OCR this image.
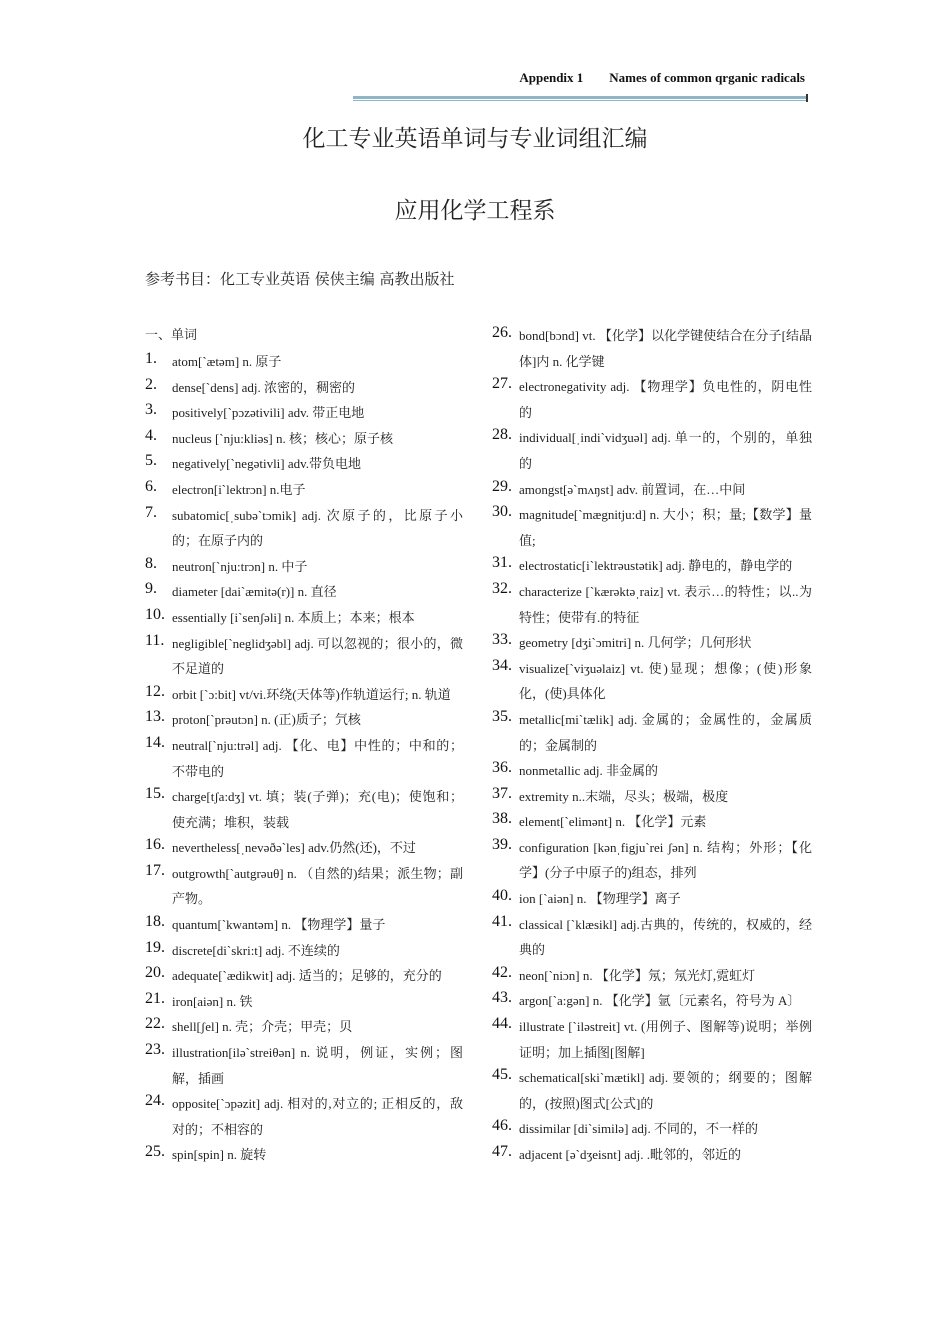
Appendix 1 Names of common qrganic radicals
化工专业英语单词与专业词组汇编
应用化学工程系
参考书目：化工专业英语 侯侠主编 高教出版社
一、单词
1. atom[`ætəm] n. 原子
2. dense[`dens] adj. 浓密的，稠密的
3. positively[`pɔzətivili] adv. 带正电地
4. nucleus [`nju:kliəs] n. 核；核心；原子核
5. negatively[`negətivli] adv.带负电地
6. electron[i`lektrɔn] n.电子
7. subatomic[ˌsubə`tɔmik] adj. 次原子的，比原子小的；在原子内的
8. neutron[`nju:trɔn] n. 中子
9. diameter [dai`æmitə(r)] n. 直径
10. essentially [i`senʃəli] n. 本质上；本来；根本
11. negligible[`neglidʒəbl] adj. 可以忽视的；很小的，微不足道的
12. orbit [`ɔ:bit] vt/vi.环绕(天体等)作轨道运行; n. 轨道
13. proton[`prəutɔn] n. (正)质子；氕核
14. neutral[`nju:trəl] adj. 【化、电】中性的；中和的；不带电的
15. charge[tʃa:dʒ] vt. 填；装(子弹)；充(电)；使饱和；使充满；堆积，装载
16. nevertheless[ˌnevəðə`les] adv.仍然(还)，不过
17. outgrowth[`autgrəuθ] n. （自然的)结果；派生物；副产物。
18. quantum[`kwantəm] n. 【物理学】量子
19. discrete[di`skri:t] adj. 不连续的
20. adequate[`ædikwit] adj. 适当的；足够的，充分的
21. iron[aiən] n. 铁
22. shell[ʃel] n. 壳；介壳；甲壳；贝
23. illustration[ilə`streiθən] n. 说明，例证，实例；图解，插画
24. opposite[`ɔpəzit] adj. 相对的,对立的; 正相反的，敌对的；不相容的
25. spin[spin] n. 旋转
26. bond[bɔnd] vt. 【化学】以化学键使结合在分子[结晶体]内 n. 化学键
27. electronegativity adj. 【物理学】负电性的，阴电性的
28. individual[ˌindi`vidʒuəl] adj. 单一的，个别的，单独的
29. amongst[ə`mʌŋst] adv. 前置词，在…中间
30. magnitude[`mægnitju:d] n. 大小；积；量;【数学】量值;
31. electrostatic[i`lektrəustətik] adj. 静电的，静电学的
32. characterize [`kærəktəˌraiz] vt. 表示…的特性；以..为特性；使带有.的特征
33. geometry [dʒi`ɔmitri] n. 几何学；几何形状
34. visualize[`viʒuəlaiz] vt. 使)显现；想像；(使)形象化，(使)具体化
35. metallic[mi`tælik] adj. 金属的；金属性的，金属质的；金属制的
36. nonmetallic adj. 非金属的
37. extremity n..末端，尽头；极端，极度
38. element[`elimənt] n. 【化学】元素
39. configuration [kənˌfigju`rei ʃən] n. 结构；外形；【化学】(分子中原子的)组态，排列
40. ion [`aiən] n. 【物理学】离子
41. classical [`klæsikl] adj.古典的，传统的，权威的，经典的
42. neon[`niɔn] n. 【化学】氖；氖光灯,霓虹灯
43. argon[`a:gən] n. 【化学】氩〔元素名，符号为 A〕
44. illustrate [`iləstreit] vt. (用例子、图解等)说明；举例证明；加上插图[图解]
45. schematical[ski`mætikl] adj. 要领的；纲要的；图解的，(按照)图式[公式]的
46. dissimilar [di`similə] adj. 不同的，不一样的
47. adjacent [ə`dʒeisnt] adj. .毗邻的，邻近的
